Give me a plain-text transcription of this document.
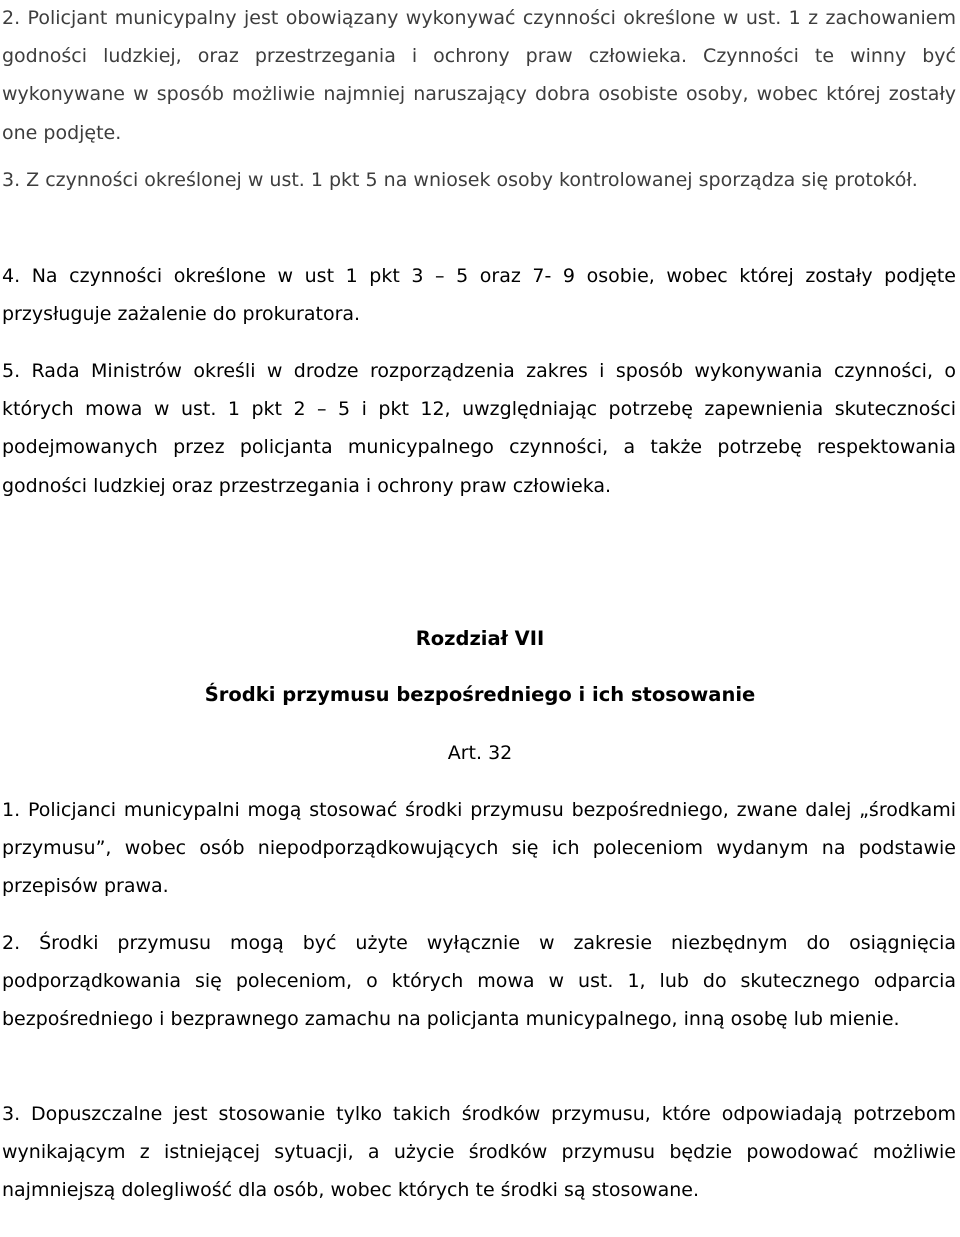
2. Policjant municypalny jest obowiązany wykonywać czynności określone w ust. 1 z zachowaniem godności ludzkiej, oraz przestrzegania i ochrony praw człowieka. Czynności te winny być wykonywane w sposób możliwie najmniej naruszający dobra osobiste osoby, wobec której zostały one podjęte.

3. Z czynności określonej w ust. 1 pkt 5 na wniosek osoby kontrolowanej sporządza się protokół.

4. Na czynności określone w ust 1 pkt 3 – 5 oraz 7- 9 osobie, wobec której zostały podjęte przysługuje zażalenie do prokuratora.

5. Rada Ministrów określi w drodze rozporządzenia zakres i sposób wykonywania czynności, o których mowa w ust. 1 pkt 2 – 5 i pkt 12, uwzględniając potrzebę zapewnienia skuteczności podejmowanych przez policjanta municypalnego czynności, a także potrzebę respektowania godności ludzkiej oraz przestrzegania i ochrony praw człowieka.

Rozdział VII
Środki przymusu bezpośredniego i ich stosowanie
Art. 32

1. Policjanci municypalni mogą stosować środki przymusu bezpośredniego, zwane dalej „środkami przymusu”, wobec osób niepodporządkowujących się ich poleceniom wydanym na podstawie przepisów prawa.

2. Środki przymusu mogą być użyte wyłącznie w zakresie niezbędnym do osiągnięcia podporządkowania się poleceniom, o których mowa w ust. 1, lub do skutecznego odparcia bezpośredniego i bezprawnego zamachu na policjanta municypalnego, inną osobę lub mienie.

3. Dopuszczalne jest stosowanie tylko takich środków przymusu, które odpowiadają potrzebom wynikającym z istniejącej sytuacji, a użycie środków przymusu będzie powodować możliwie najmniejszą dolegliwość dla osób, wobec których te środki są stosowane.
